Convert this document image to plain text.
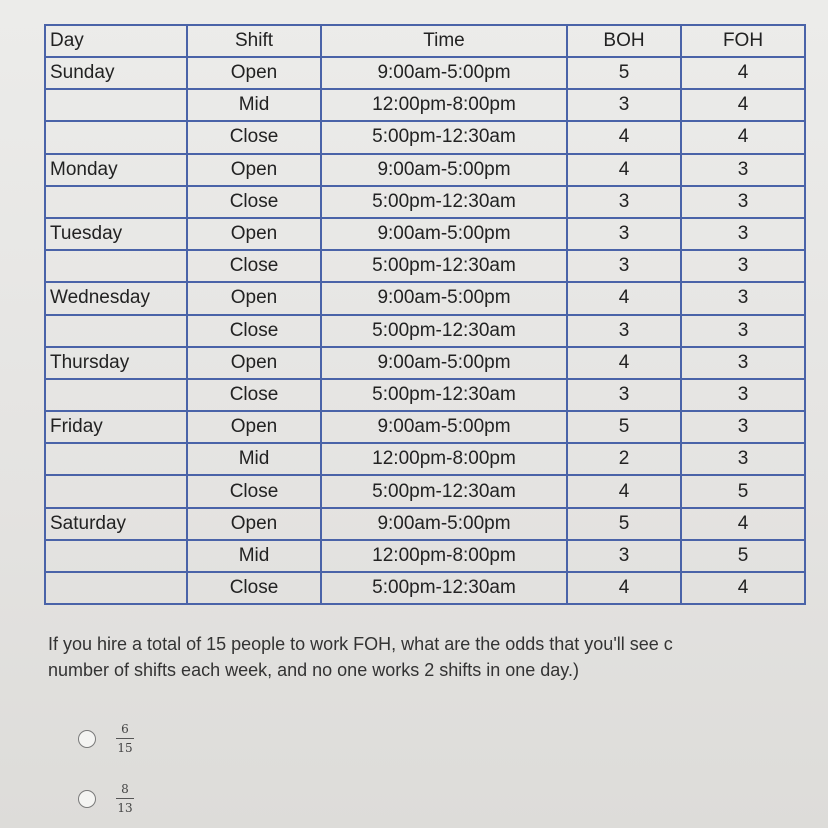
Day	Shift	Time	BOH	FOH
Sunday	Open	9:00am-5:00pm	5	4
	Mid	12:00pm-8:00pm	3	4
	Close	5:00pm-12:30am	4	4
Monday	Open	9:00am-5:00pm	4	3
	Close	5:00pm-12:30am	3	3
Tuesday	Open	9:00am-5:00pm	3	3
	Close	5:00pm-12:30am	3	3
Wednesday	Open	9:00am-5:00pm	4	3
	Close	5:00pm-12:30am	3	3
Thursday	Open	9:00am-5:00pm	4	3
	Close	5:00pm-12:30am	3	3
Friday	Open	9:00am-5:00pm	5	3
	Mid	12:00pm-8:00pm	2	3
	Close	5:00pm-12:30am	4	5
Saturday	Open	9:00am-5:00pm	5	4
	Mid	12:00pm-8:00pm	3	5
	Close	5:00pm-12:30am	4	4
If you hire a total of 15 people to work FOH, what are the odds that you'll see c
number of shifts each week, and no one works 2 shifts in one day.)
$\frac{6}{15}$
$\frac{8}{13}$
